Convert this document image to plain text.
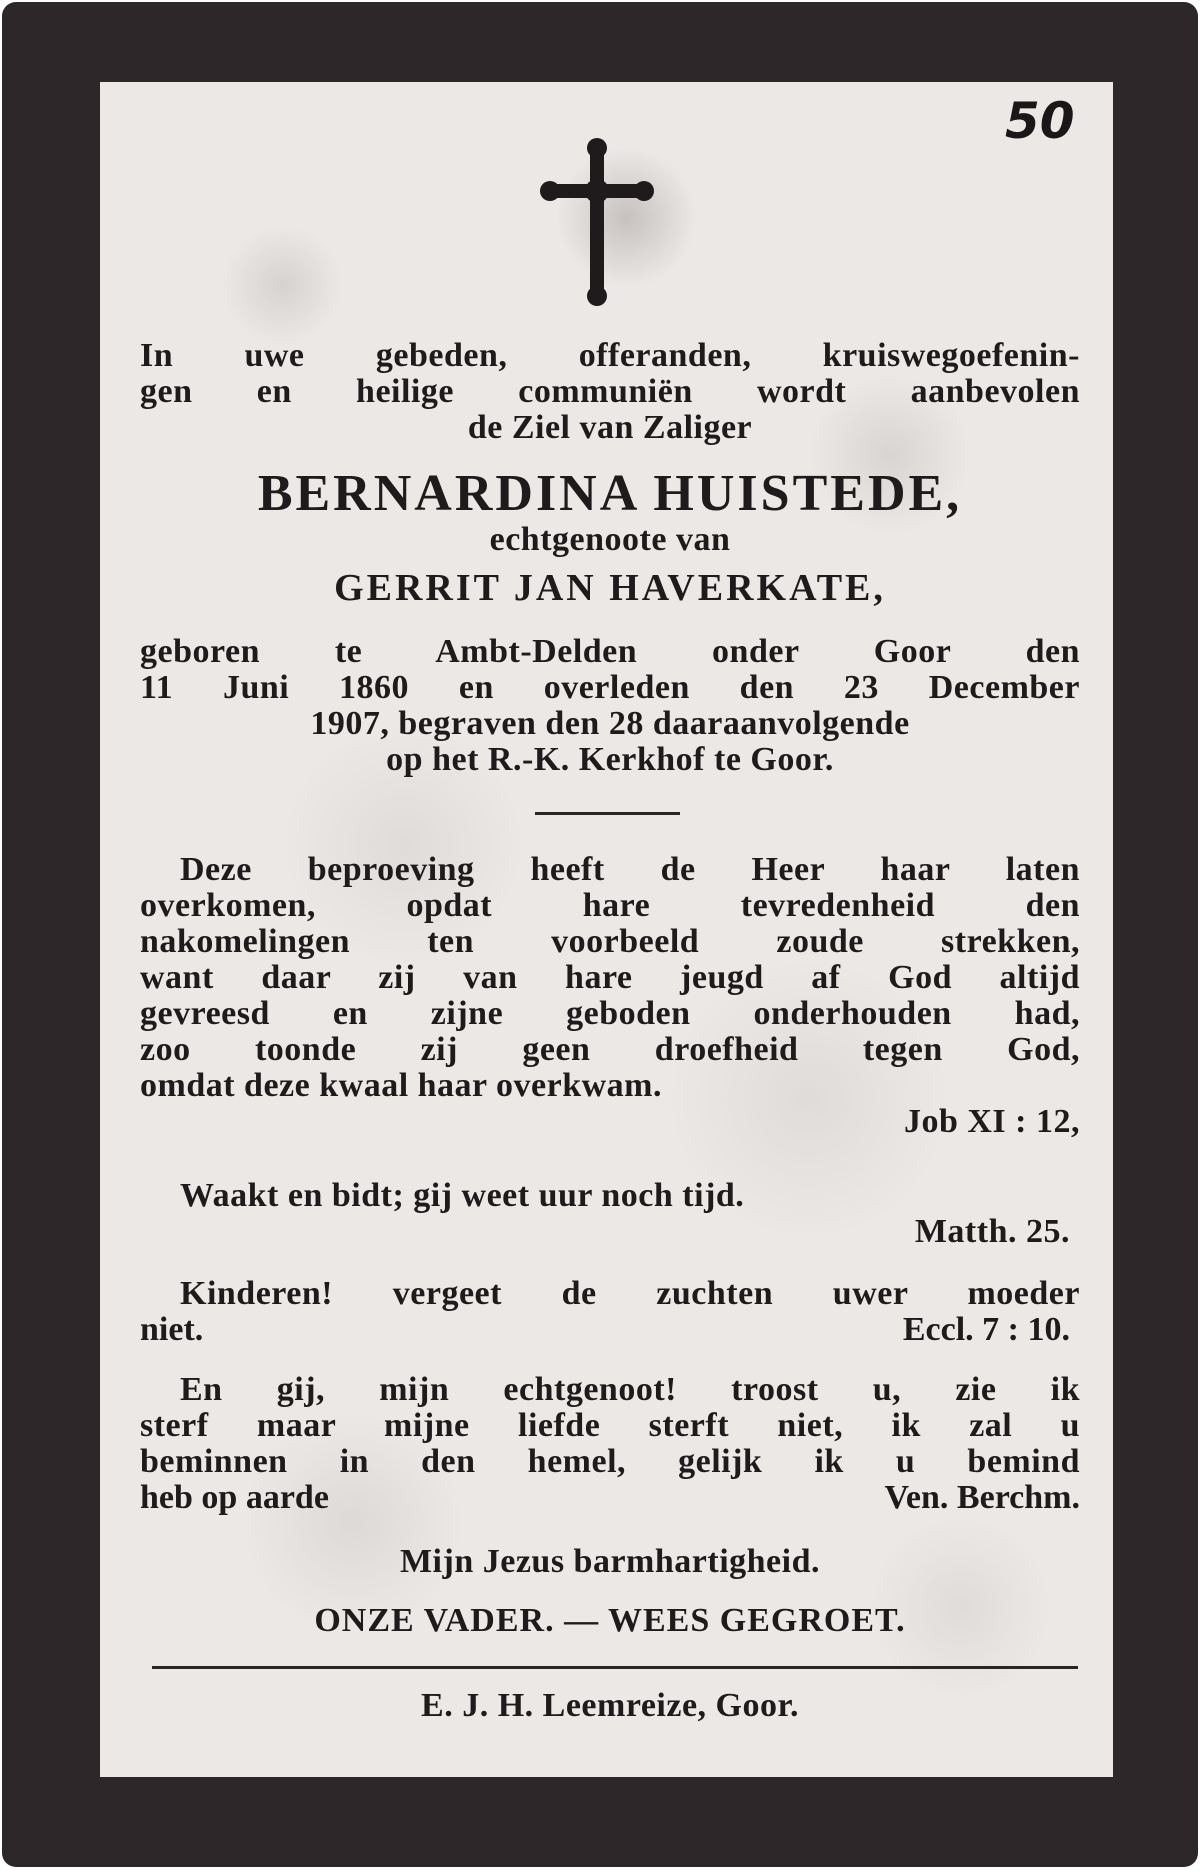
50
In uwe gebeden, offeranden, kruiswegoefenin-
gen en heilige communiën wordt aanbevolen
de Ziel van Zaliger
BERNARDINA HUISTEDE,
echtgenoote van
GERRIT JAN HAVERKATE,
geboren te Ambt-Delden onder Goor den
11 Juni 1860 en overleden den 23 December
1907, begraven den 28 daaraanvolgende
op het R.-K. Kerkhof te Goor.
Deze beproeving heeft de Heer haar laten
overkomen, opdat hare tevredenheid den
nakomelingen ten voorbeeld zoude strekken,
want daar zij van hare jeugd af God altijd
gevreesd en zijne geboden onderhouden had,
zoo toonde zij geen droefheid tegen God,
omdat deze kwaal haar overkwam.
Job XI : 12,
Waakt en bidt; gij weet uur noch tijd.
Matth. 25.
Kinderen! vergeet de zuchten uwer moeder
niet.	Eccl. 7 : 10.
En gij, mijn echtgenoot! troost u, zie ik
sterf maar mijne liefde sterft niet, ik zal u
beminnen in den hemel, gelijk ik u bemind
heb op aarde	Ven. Berchm.
Mijn Jezus barmhartigheid.
ONZE VADER. — WEES GEGROET.
E. J. H. Leemreize, Goor.
